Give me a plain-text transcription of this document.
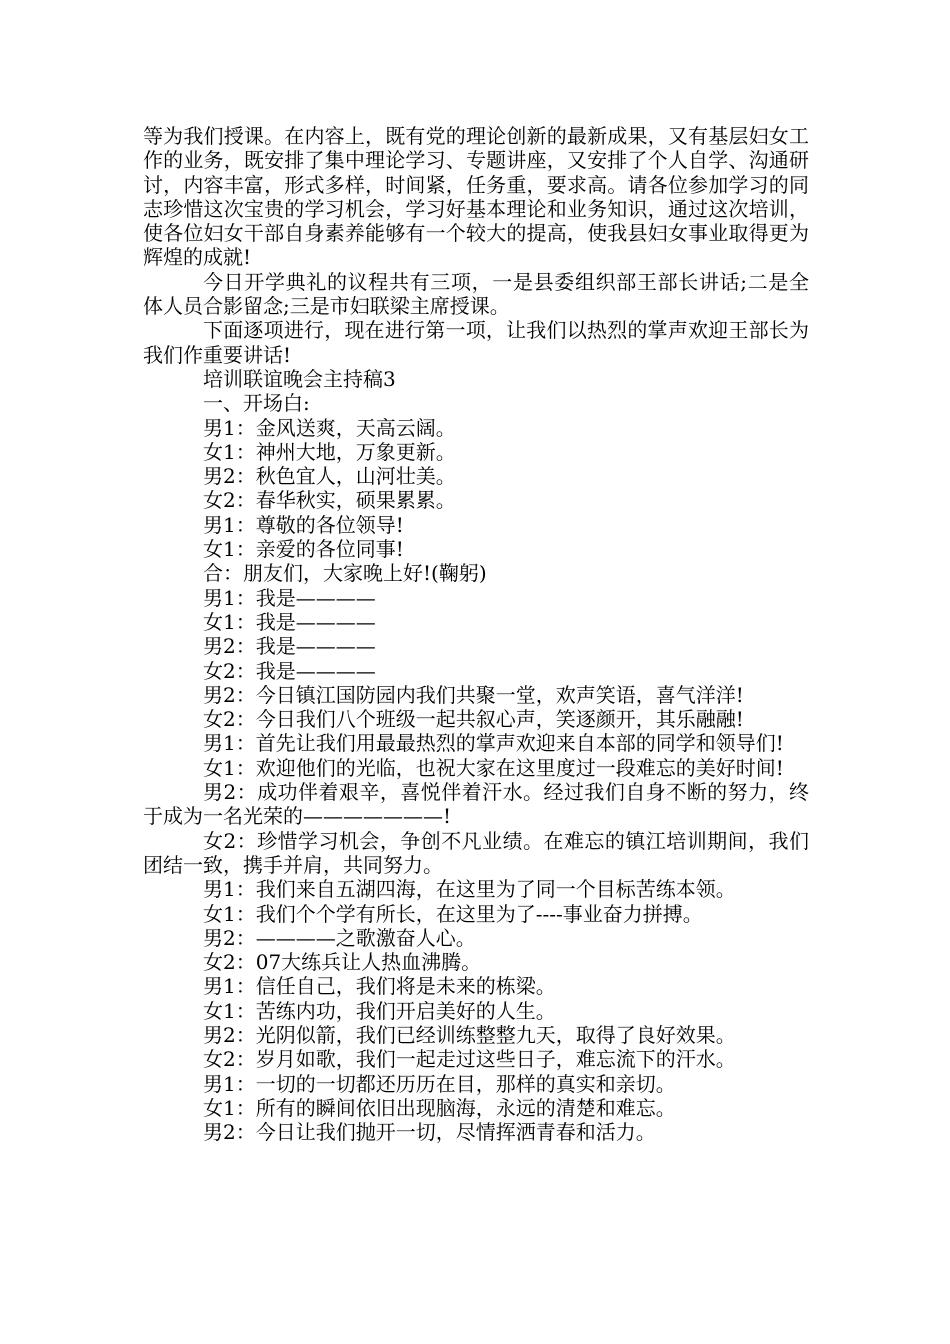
等为我们授课。在内容上，既有党的理论创新的最新成果，又有基层妇女工作的业务，既安排了集中理论学习、专题讲座，又安排了个人自学、沟通研讨，内容丰富，形式多样，时间紧，任务重，要求高。请各位参加学习的同志珍惜这次宝贵的学习机会，学习好基本理论和业务知识，通过这次培训，使各位妇女干部自身素养能够有一个较大的提高，使我县妇女事业取得更为辉煌的成就!

今日开学典礼的议程共有三项，一是县委组织部王部长讲话;二是全体人员合影留念;三是市妇联梁主席授课。

下面逐项进行，现在进行第一项，让我们以热烈的掌声欢迎王部长为我们作重要讲话!

培训联谊晚会主持稿3

一、开场白:

男1：金风送爽，天高云阔。

女1：神州大地，万象更新。

男2：秋色宜人，山河壮美。

女2：春华秋实，硕果累累。

男1：尊敬的各位领导!

女1：亲爱的各位同事!

合：朋友们，大家晚上好!(鞠躬)

男1：我是————

女1：我是————

男2：我是————

女2：我是————

男2：今日镇江国防园内我们共聚一堂，欢声笑语，喜气洋洋!

女2：今日我们八个班级一起共叙心声，笑逐颜开，其乐融融!

男1：首先让我们用最最热烈的掌声欢迎来自本部的同学和领导们!

女1：欢迎他们的光临，也祝大家在这里度过一段难忘的美好时间!

男2：成功伴着艰辛，喜悦伴着汗水。经过我们自身不断的努力，终于成为一名光荣的———————!

女2：珍惜学习机会，争创不凡业绩。在难忘的镇江培训期间，我们团结一致，携手并肩，共同努力。

男1：我们来自五湖四海，在这里为了同一个目标苦练本领。

女1：我们个个学有所长，在这里为了----事业奋力拼搏。

男2：————之歌激奋人心。

女2：07大练兵让人热血沸腾。

男1：信任自己，我们将是未来的栋梁。

女1：苦练内功，我们开启美好的人生。

男2：光阴似箭，我们已经训练整整九天，取得了良好效果。

女2：岁月如歌，我们一起走过这些日子，难忘流下的汗水。

男1：一切的一切都还历历在目，那样的真实和亲切。

女1：所有的瞬间依旧出现脑海，永远的清楚和难忘。

男2：今日让我们抛开一切，尽情挥洒青春和活力。
